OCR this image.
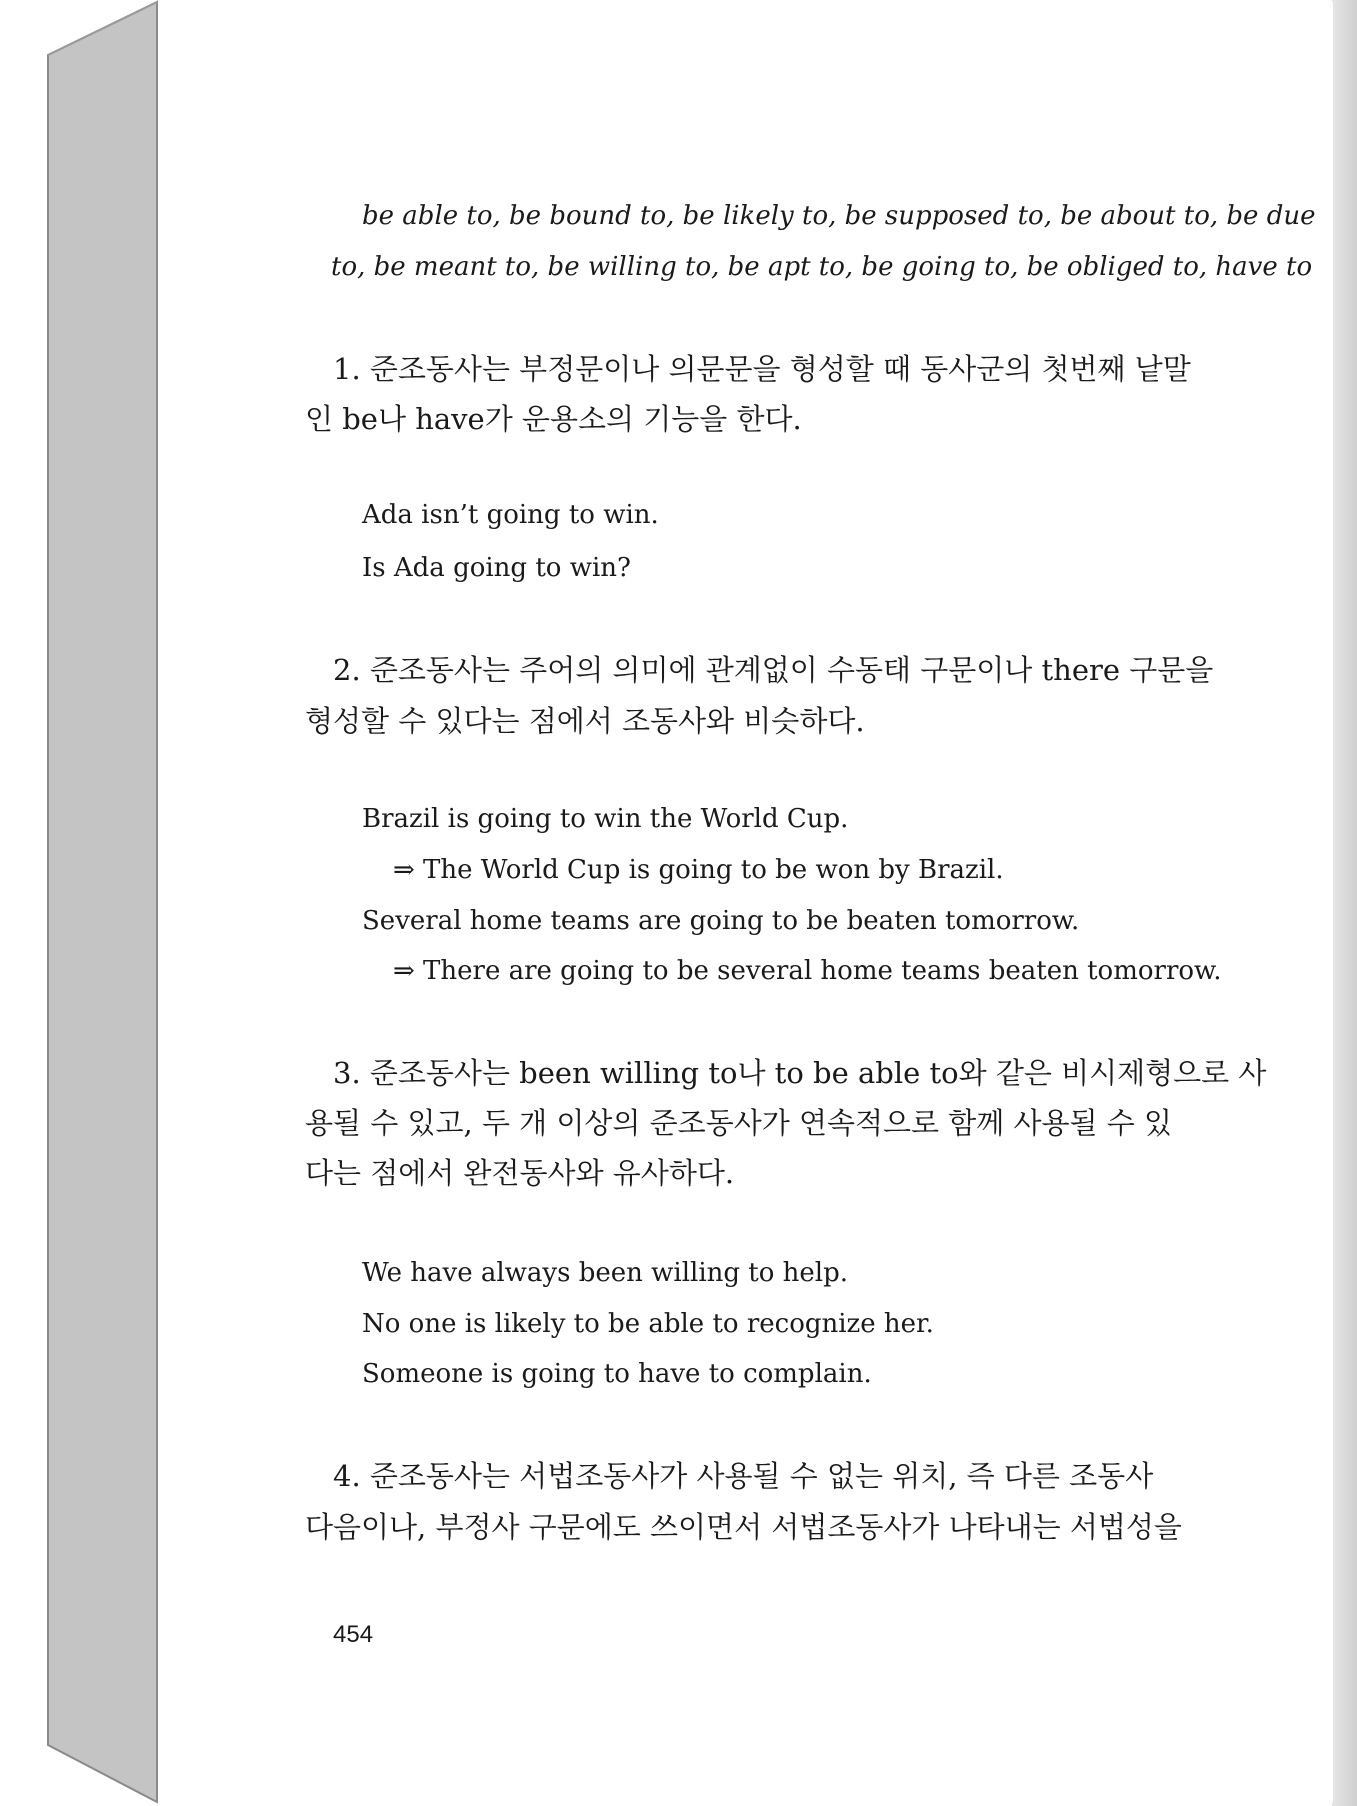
be able to, be bound to, be likely to, be supposed to, be about to, be due
to, be meant to, be willing to, be apt to, be going to, be obliged to, have to
1. 준조동사는 부정문이나 의문문을 형성할 때 동사군의 첫번째 낱말
인 be나 have가 운용소의 기능을 한다.
Ada isn’t going to win.
Is Ada going to win?
2. 준조동사는 주어의 의미에 관계없이 수동태 구문이나 there 구문을
형성할 수 있다는 점에서 조동사와 비슷하다.
Brazil is going to win the World Cup.
⇒ The World Cup is going to be won by Brazil.
Several home teams are going to be beaten tomorrow.
⇒ There are going to be several home teams beaten tomorrow.
3. 준조동사는 been willing to나 to be able to와 같은 비시제형으로 사
용될 수 있고, 두 개 이상의 준조동사가 연속적으로 함께 사용될 수 있
다는 점에서 완전동사와 유사하다.
We have always been willing to help.
No one is likely to be able to recognize her.
Someone is going to have to complain.
4. 준조동사는 서법조동사가 사용될 수 없는 위치, 즉 다른 조동사
다음이나, 부정사 구문에도 쓰이면서 서법조동사가 나타내는 서법성을
454
